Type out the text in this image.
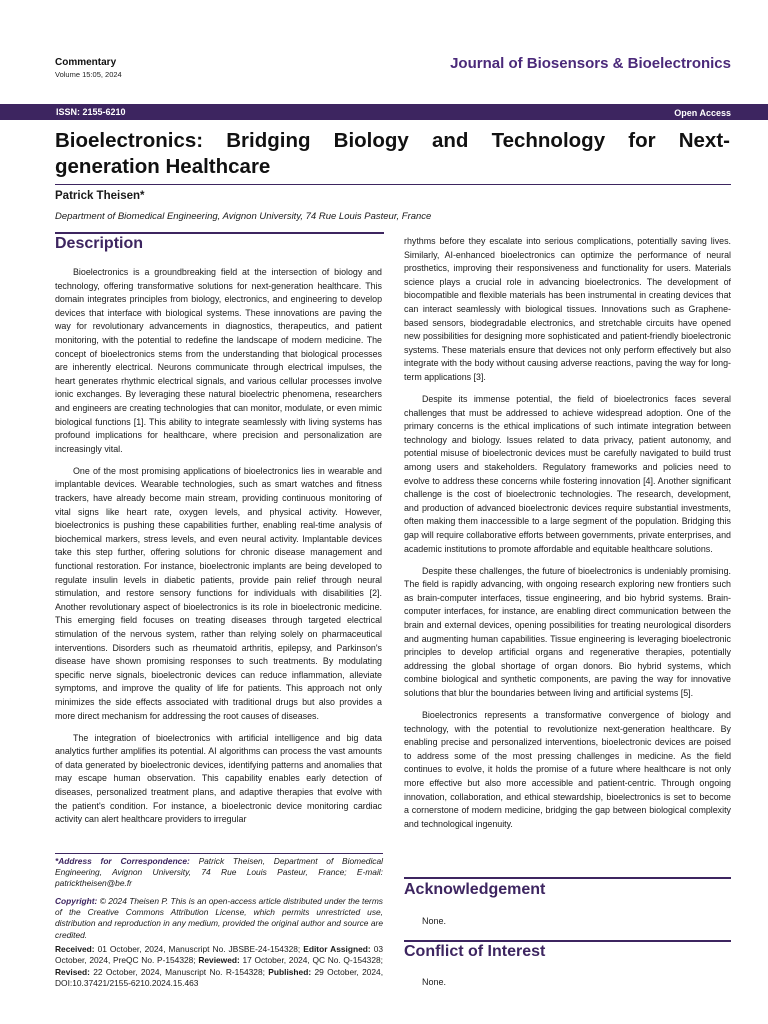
Commentary
Volume 15:05, 2024
Journal of Biosensors & Bioelectronics
ISSN: 2155-6210	Open Access
Bioelectronics: Bridging Biology and Technology for Next-generation Healthcare
Patrick Theisen*
Department of Biomedical Engineering, Avignon University, 74 Rue Louis Pasteur, France
Description

Bioelectronics is a groundbreaking field at the intersection of biology and technology, offering transformative solutions for next-generation healthcare. This domain integrates principles from biology, electronics, and engineering to develop devices that interface with biological systems. These innovations are paving the way for revolutionary advancements in diagnostics, therapeutics, and patient monitoring, with the potential to redefine the landscape of modern medicine. The concept of bioelectronics stems from the understanding that biological processes are inherently electrical. Neurons communicate through electrical impulses, the heart generates rhythmic electrical signals, and various cellular processes involve ionic exchanges. By leveraging these natural bioelectric phenomena, researchers and engineers are creating technologies that can monitor, modulate, or even mimic biological functions [1]. This ability to integrate seamlessly with living systems has profound implications for healthcare, where precision and personalization are increasingly vital.

One of the most promising applications of bioelectronics lies in wearable and implantable devices. Wearable technologies, such as smart watches and fitness trackers, have already become main stream, providing continuous monitoring of vital signs like heart rate, oxygen levels, and physical activity. However, bioelectronics is pushing these capabilities further, enabling real-time analysis of biochemical markers, stress levels, and even neural activity. Implantable devices take this step further, offering solutions for chronic disease management and functional restoration. For instance, bioelectronic implants are being developed to regulate insulin levels in diabetic patients, provide pain relief through neural stimulation, and restore sensory functions for individuals with disabilities [2]. Another revolutionary aspect of bioelectronics is its role in bioelectronic medicine. This emerging field focuses on treating diseases through targeted electrical stimulation of the nervous system, rather than relying solely on pharmaceutical interventions. Disorders such as rheumatoid arthritis, epilepsy, and Parkinson's disease have shown promising responses to such treatments. By modulating specific nerve signals, bioelectronic devices can reduce inflammation, alleviate symptoms, and improve the quality of life for patients. This approach not only minimizes the side effects associated with traditional drugs but also provides a more direct mechanism for addressing the root causes of diseases.

The integration of bioelectronics with artificial intelligence and big data analytics further amplifies its potential. AI algorithms can process the vast amounts of data generated by bioelectronic devices, identifying patterns and anomalies that may escape human observation. This capability enables early detection of diseases, personalized treatment plans, and adaptive therapies that evolve with the patient's condition. For instance, a bioelectronic device monitoring cardiac activity can alert healthcare providers to irregular

rhythms before they escalate into serious complications, potentially saving lives. Similarly, AI-enhanced bioelectronics can optimize the performance of neural prosthetics, improving their responsiveness and functionality for users. Materials science plays a crucial role in advancing bioelectronics. The development of biocompatible and flexible materials has been instrumental in creating devices that can interact seamlessly with biological tissues. Innovations such as Graphene-based sensors, biodegradable electronics, and stretchable circuits have opened new possibilities for designing more sophisticated and patient-friendly bioelectronic systems. These materials ensure that devices not only perform effectively but also integrate with the body without causing adverse reactions, paving the way for long-term applications [3].

Despite its immense potential, the field of bioelectronics faces several challenges that must be addressed to achieve widespread adoption. One of the primary concerns is the ethical implications of such intimate integration between technology and biology. Issues related to data privacy, patient autonomy, and potential misuse of bioelectronic devices must be carefully navigated to build trust among users and stakeholders. Regulatory frameworks and policies need to evolve to address these concerns while fostering innovation [4]. Another significant challenge is the cost of bioelectronic technologies. The research, development, and production of advanced bioelectronic devices require substantial investments, often making them inaccessible to a large segment of the population. Bridging this gap will require collaborative efforts between governments, private enterprises, and academic institutions to promote affordable and equitable healthcare solutions.

Despite these challenges, the future of bioelectronics is undeniably promising. The field is rapidly advancing, with ongoing research exploring new frontiers such as brain-computer interfaces, tissue engineering, and bio hybrid systems. Brain-computer interfaces, for instance, are enabling direct communication between the brain and external devices, opening possibilities for treating neurological disorders and augmenting human capabilities. Tissue engineering is leveraging bioelectronic principles to develop artificial organs and regenerative therapies, potentially addressing the global shortage of organ donors. Bio hybrid systems, which combine biological and synthetic components, are paving the way for innovative solutions that blur the boundaries between living and artificial systems [5].

Bioelectronics represents a transformative convergence of biology and technology, with the potential to revolutionize next-generation healthcare. By enabling precise and personalized interventions, bioelectronic devices are poised to address some of the most pressing challenges in medicine. As the field continues to evolve, it holds the promise of a future where healthcare is not only more effective but also more accessible and patient-centric. Through ongoing innovation, collaboration, and ethical stewardship, bioelectronics is set to become a cornerstone of modern medicine, bridging the gap between biological complexity and technological ingenuity.

*Address for Correspondence: Patrick Theisen, Department of Biomedical Engineering, Avignon University, 74 Rue Louis Pasteur, France; E-mail: patricktheisen@be.fr
Copyright: © 2024 Theisen P. This is an open-access article distributed under the terms of the Creative Commons Attribution License, which permits unrestricted use, distribution and reproduction in any medium, provided the original author and source are credited.
Received: 01 October, 2024, Manuscript No. JBSBE-24-154328; Editor Assigned: 03 October, 2024, PreQC No. P-154328; Reviewed: 17 October, 2024, QC No. Q-154328; Revised: 22 October, 2024, Manuscript No. R-154328; Published: 29 October, 2024, DOI:10.37421/2155-6210.2024.15.463
Acknowledgement
None.
Conflict of Interest
None.
